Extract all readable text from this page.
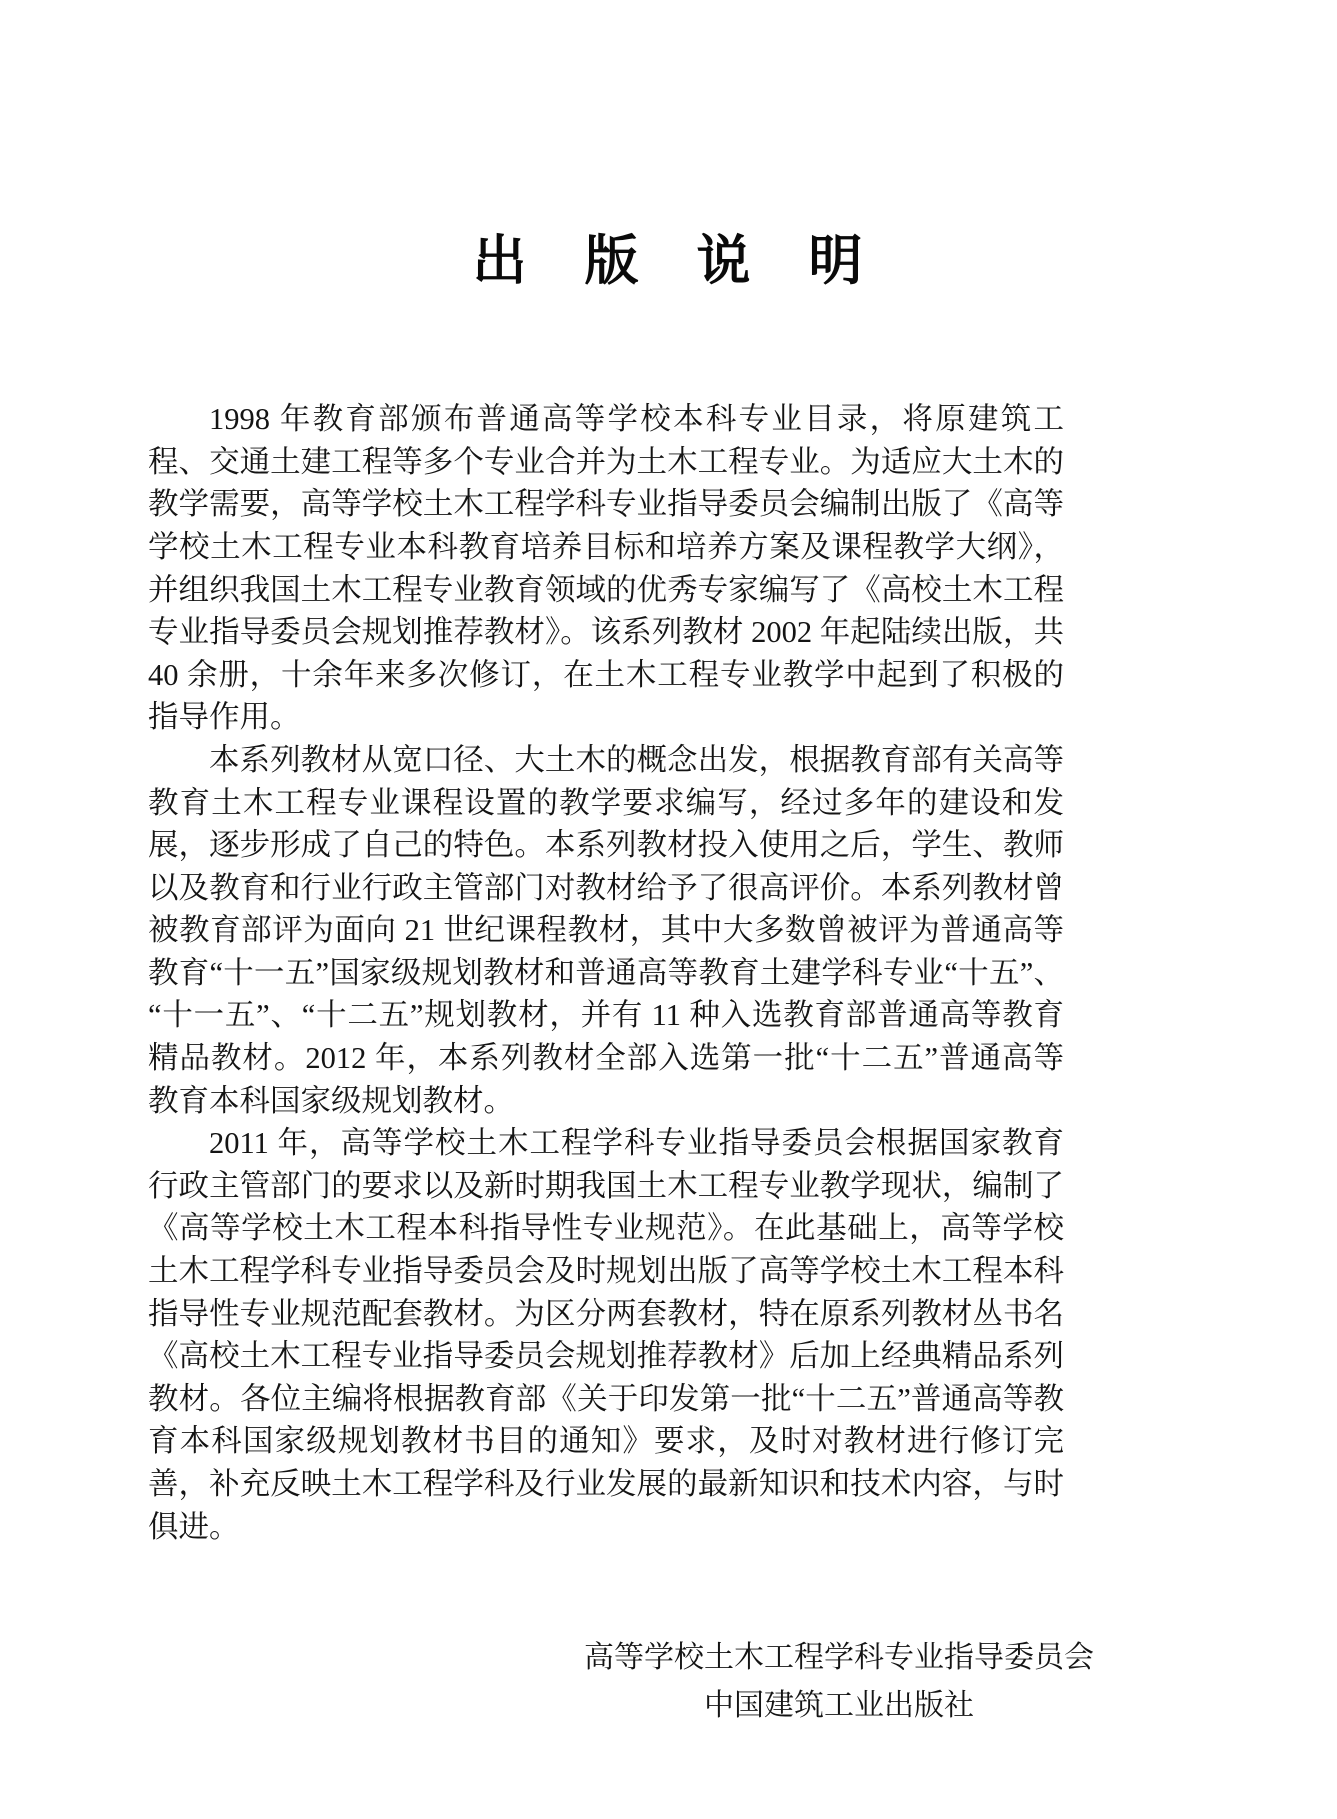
出　版　说　明

1998 年教育部颁布普通高等学校本科专业目录，将原建筑工程、交通土建工程等多个专业合并为土木工程专业。为适应大土木的教学需要，高等学校土木工程学科专业指导委员会编制出版了《高等学校土木工程专业本科教育培养目标和培养方案及课程教学大纲》，并组织我国土木工程专业教育领域的优秀专家编写了《高校土木工程专业指导委员会规划推荐教材》。该系列教材 2002 年起陆续出版，共 40 余册，十余年来多次修订，在土木工程专业教学中起到了积极的指导作用。

本系列教材从宽口径、大土木的概念出发，根据教育部有关高等教育土木工程专业课程设置的教学要求编写，经过多年的建设和发展，逐步形成了自己的特色。本系列教材投入使用之后，学生、教师以及教育和行业行政主管部门对教材给予了很高评价。本系列教材曾被教育部评为面向 21 世纪课程教材，其中大多数曾被评为普通高等教育“十一五”国家级规划教材和普通高等教育土建学科专业“十五”、“十一五”、“十二五”规划教材，并有 11 种入选教育部普通高等教育精品教材。2012 年，本系列教材全部入选第一批“十二五”普通高等教育本科国家级规划教材。

2011 年，高等学校土木工程学科专业指导委员会根据国家教育行政主管部门的要求以及新时期我国土木工程专业教学现状，编制了《高等学校土木工程本科指导性专业规范》。在此基础上，高等学校土木工程学科专业指导委员会及时规划出版了高等学校土木工程本科指导性专业规范配套教材。为区分两套教材，特在原系列教材丛书名《高校土木工程专业指导委员会规划推荐教材》后加上经典精品系列教材。各位主编将根据教育部《关于印发第一批“十二五”普通高等教育本科国家级规划教材书目的通知》要求，及时对教材进行修订完善，补充反映土木工程学科及行业发展的最新知识和技术内容，与时俱进。

高等学校土木工程学科专业指导委员会

中国建筑工业出版社
